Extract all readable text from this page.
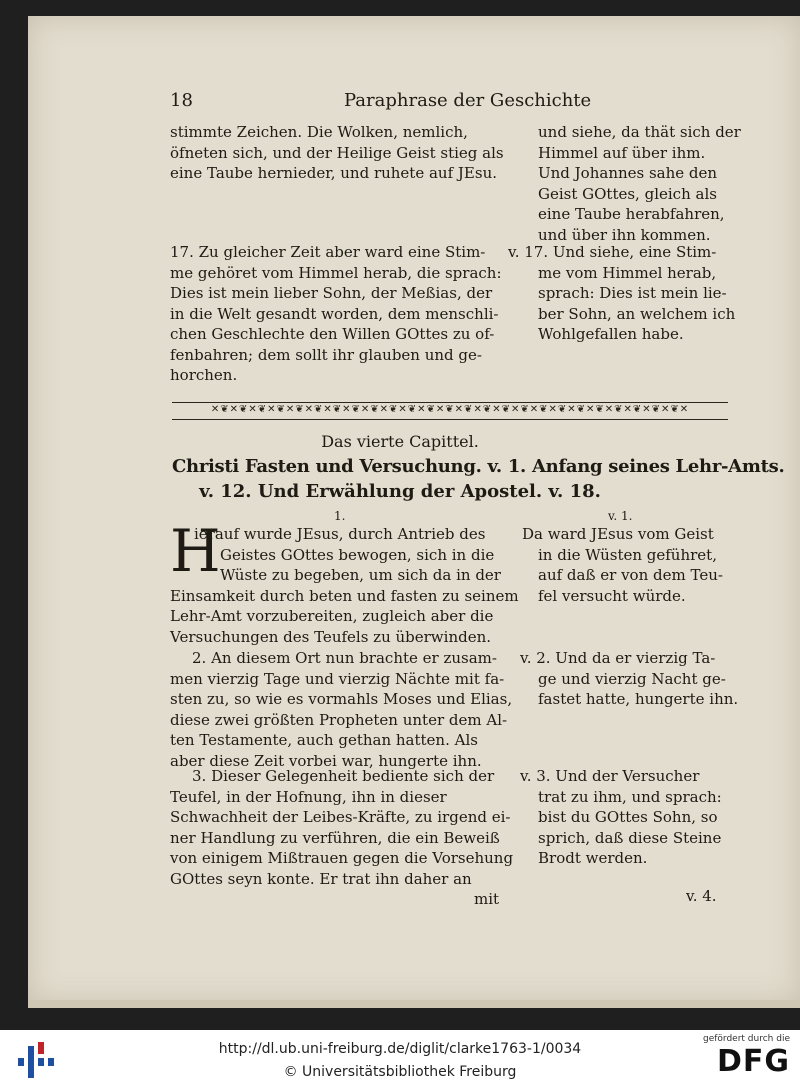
18	Paraphrase der Geschichte
stimmte Zeichen. Die Wolken, nemlich,
öfneten sich, und der Heilige Geist stieg als
eine Taube hernieder, und ruhete auf JEsu.
und siehe, da thät sich der
Himmel auf über ihm.
Und Johannes sahe den
Geist GOttes, gleich als
eine Taube herabfahren,
und über ihn kommen.
17. Zu gleicher Zeit aber ward eine Stim-
me gehöret vom Himmel herab, die sprach:
Dies ist mein lieber Sohn, der Meßias, der
in die Welt gesandt worden, dem menschli-
chen Geschlechte den Willen GOttes zu of-
fenbahren; dem sollt ihr glauben und ge-
horchen.
v. 17. Und siehe, eine Stim-
me vom Himmel herab,
sprach: Dies ist mein lie-
ber Sohn, an welchem ich
Wohlgefallen habe.
✕❦✕❦✕❦✕❦✕❦✕❦✕❦✕❦✕❦✕❦✕❦✕❦✕❦✕❦✕❦✕❦✕❦✕❦✕❦✕❦✕❦✕❦✕❦✕❦✕❦✕
Das vierte Capittel.
Christi Fasten und Versuchung. v. 1. Anfang seines Lehr-Amts.
v. 12. Und Erwählung der Apostel. v. 18.
1.	v. 1.
H
ierauf wurde JEsus, durch Antrieb des
Geistes GOttes bewogen, sich in die
Wüste zu begeben, um sich da in der
Einsamkeit durch beten und fasten zu seinem
Lehr-Amt vorzubereiten, zugleich aber die
Versuchungen des Teufels zu überwinden.
Da ward JEsus vom Geist
in die Wüsten geführet,
auf daß er von dem Teu-
fel versucht würde.
2. An diesem Ort nun brachte er zusam-
men vierzig Tage und vierzig Nächte mit fa-
sten zu, so wie es vormahls Moses und Elias,
diese zwei größten Propheten unter dem Al-
ten Testamente, auch gethan hatten. Als
aber diese Zeit vorbei war, hungerte ihn.
v. 2. Und da er vierzig Ta-
ge und vierzig Nacht ge-
fastet hatte, hungerte ihn.
3. Dieser Gelegenheit bediente sich der
Teufel, in der Hofnung, ihn in dieser
Schwachheit der Leibes-Kräfte, zu irgend ei-
ner Handlung zu verführen, die ein Beweiß
von einigem Mißtrauen gegen die Vorsehung
GOttes seyn konte. Er trat ihn daher an
mit
v. 3. Und der Versucher
trat zu ihm, und sprach:
bist du GOttes Sohn, so
sprich, daß diese Steine
Brodt werden.
v. 4.
http://dl.ub.uni-freiburg.de/diglit/clarke1763-1/0034
© Universitätsbibliothek Freiburg
gefördert durch die
DFG
